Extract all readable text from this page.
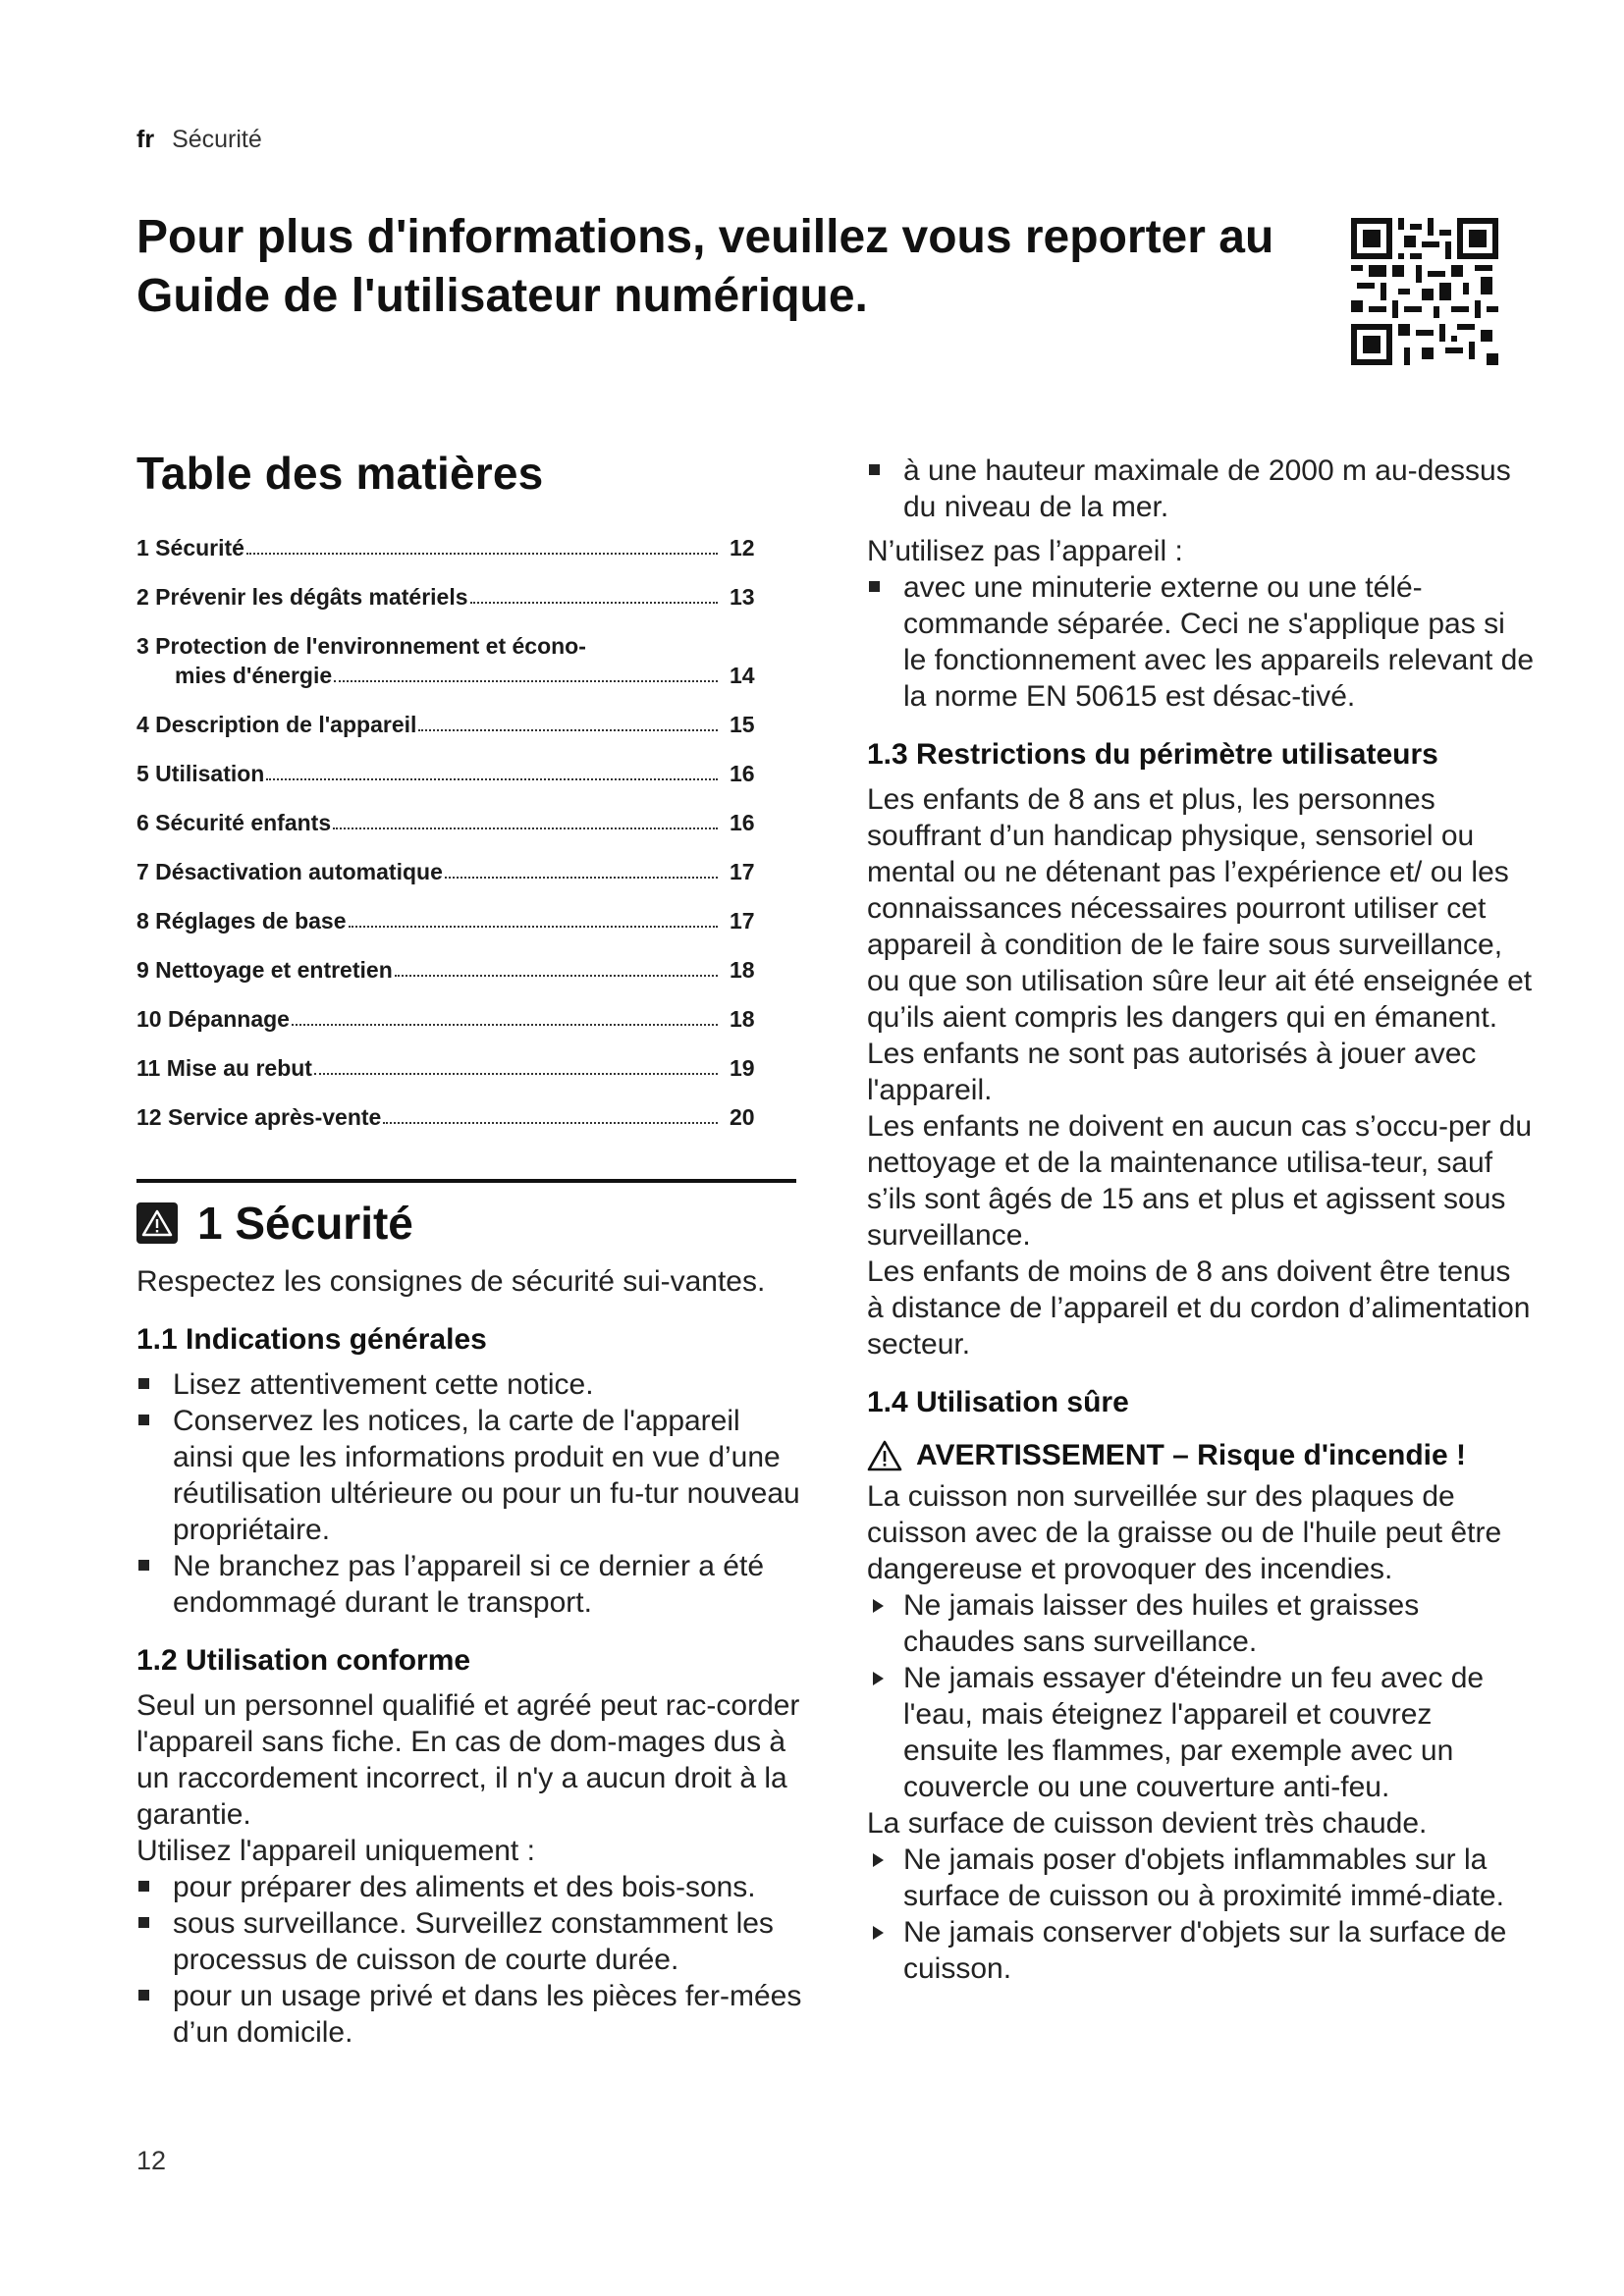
fr Sécurité
Pour plus d'informations, veuillez vous reporter au Guide de l'utilisateur numérique.
Table des matières
1 Sécurité	12
2 Prévenir les dégâts matériels	13
3 Protection de l'environnement et écono-
mies d'énergie	14
4 Description de l'appareil	15
5 Utilisation	16
6 Sécurité enfants	16
7 Désactivation automatique	17
8 Réglages de base	17
9 Nettoyage et entretien	18
10 Dépannage	18
11 Mise au rebut	19
12 Service après-vente	20
1 Sécurité

Respectez les consignes de sécurité sui-vantes.

1.1 Indications générales
Lisez attentivement cette notice.
Conservez les notices, la carte de l'appareil ainsi que les informations produit en vue d’une réutilisation ultérieure ou pour un fu-tur nouveau propriétaire.
Ne branchez pas l’appareil si ce dernier a été endommagé durant le transport.
1.2 Utilisation conforme

Seul un personnel qualifié et agréé peut rac-corder l'appareil sans fiche. En cas de dom-mages dus à un raccordement incorrect, il n'y a aucun droit à la garantie.

Utilisez l'appareil uniquement :

pour préparer des aliments et des bois-sons.
sous surveillance. Surveillez constamment les processus de cuisson de courte durée.
pour un usage privé et dans les pièces fer-mées d’un domicile.
à une hauteur maximale de 2000 m au-dessus du niveau de la mer.

N’utilisez pas l’appareil :

avec une minuterie externe ou une télé-commande séparée. Ceci ne s'applique pas si le fonctionnement avec les appareils relevant de la norme EN 50615 est désac-tivé.
1.3 Restrictions du périmètre utilisateurs

Les enfants de 8 ans et plus, les personnes souffrant d’un handicap physique, sensoriel ou mental ou ne détenant pas l’expérience et/ ou les connaissances nécessaires pourront utiliser cet appareil à condition de le faire sous surveillance, ou que son utilisation sûre leur ait été enseignée et qu’ils aient compris les dangers qui en émanent.

Les enfants ne sont pas autorisés à jouer avec l'appareil.

Les enfants ne doivent en aucun cas s’occu-per du nettoyage et de la maintenance utilisa-teur, sauf s’ils sont âgés de 15 ans et plus et agissent sous surveillance.

Les enfants de moins de 8 ans doivent être tenus à distance de l’appareil et du cordon d’alimentation secteur.

1.4 Utilisation sûre
AVERTISSEMENT – Risque d'incendie !

La cuisson non surveillée sur des plaques de cuisson avec de la graisse ou de l'huile peut être dangereuse et provoquer des incendies.

Ne jamais laisser des huiles et graisses chaudes sans surveillance.
Ne jamais essayer d'éteindre un feu avec de l'eau, mais éteignez l'appareil et couvrez ensuite les flammes, par exemple avec un couvercle ou une couverture anti-feu.

La surface de cuisson devient très chaude.

Ne jamais poser d'objets inflammables sur la surface de cuisson ou à proximité immé-diate.
Ne jamais conserver d'objets sur la surface de cuisson.
12
